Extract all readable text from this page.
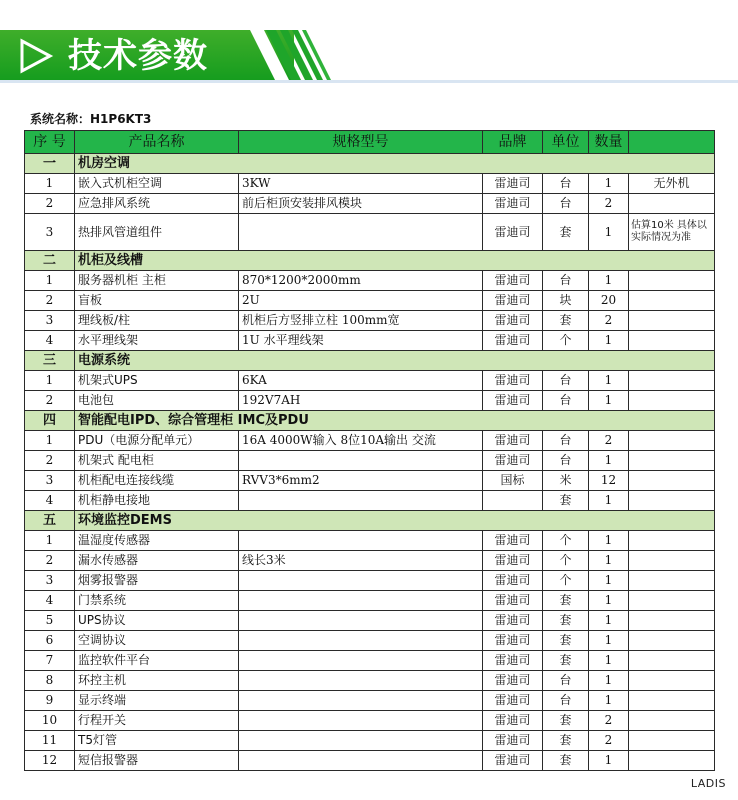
技术参数
系统名称：H1P6KT3
序 号	产品名称	规格型号	品牌	单位	数量	
一	机房空调					
1	嵌入式机柜空调	3KW	雷迪司	台	1	无外机
2	应急排风系统	前后柜顶安装排风模块	雷迪司	台	2	
3	热排风管道组件		雷迪司	套	1	估算10米 具体以实际情况为准
二	机柜及线槽					
1	服务器机柜 主柜	870*1200*2000mm	雷迪司	台	1	
2	盲板	2U	雷迪司	块	20	
3	理线板/柱	机柜后方竖排立柱 100mm宽	雷迪司	套	2	
4	水平理线架	1U 水平理线架	雷迪司	个	1	
三	电源系统					
1	机架式UPS	6KA	雷迪司	台	1	
2	电池包	192V7AH	雷迪司	台	1	
四	智能配电IPD、综合管理柜 IMC及PDU					
1	PDU（电源分配单元）	16A 4000W输入 8位10A输出 交流	雷迪司	台	2	
2	机架式 配电柜		雷迪司	台	1	
3	机柜配电连接线缆	RVV3*6mm2	国标	米	12	
4	机柜静电接地			套	1	
五	环境监控DEMS					
1	温湿度传感器		雷迪司	个	1	
2	漏水传感器	线长3米	雷迪司	个	1	
3	烟雾报警器		雷迪司	个	1	
4	门禁系统		雷迪司	套	1	
5	UPS协议		雷迪司	套	1	
6	空调协议		雷迪司	套	1	
7	监控软件平台		雷迪司	套	1	
8	环控主机		雷迪司	台	1	
9	显示终端		雷迪司	台	1	
10	行程开关		雷迪司	套	2	
11	T5灯管		雷迪司	套	2	
12	短信报警器		雷迪司	套	1	
LADIS
